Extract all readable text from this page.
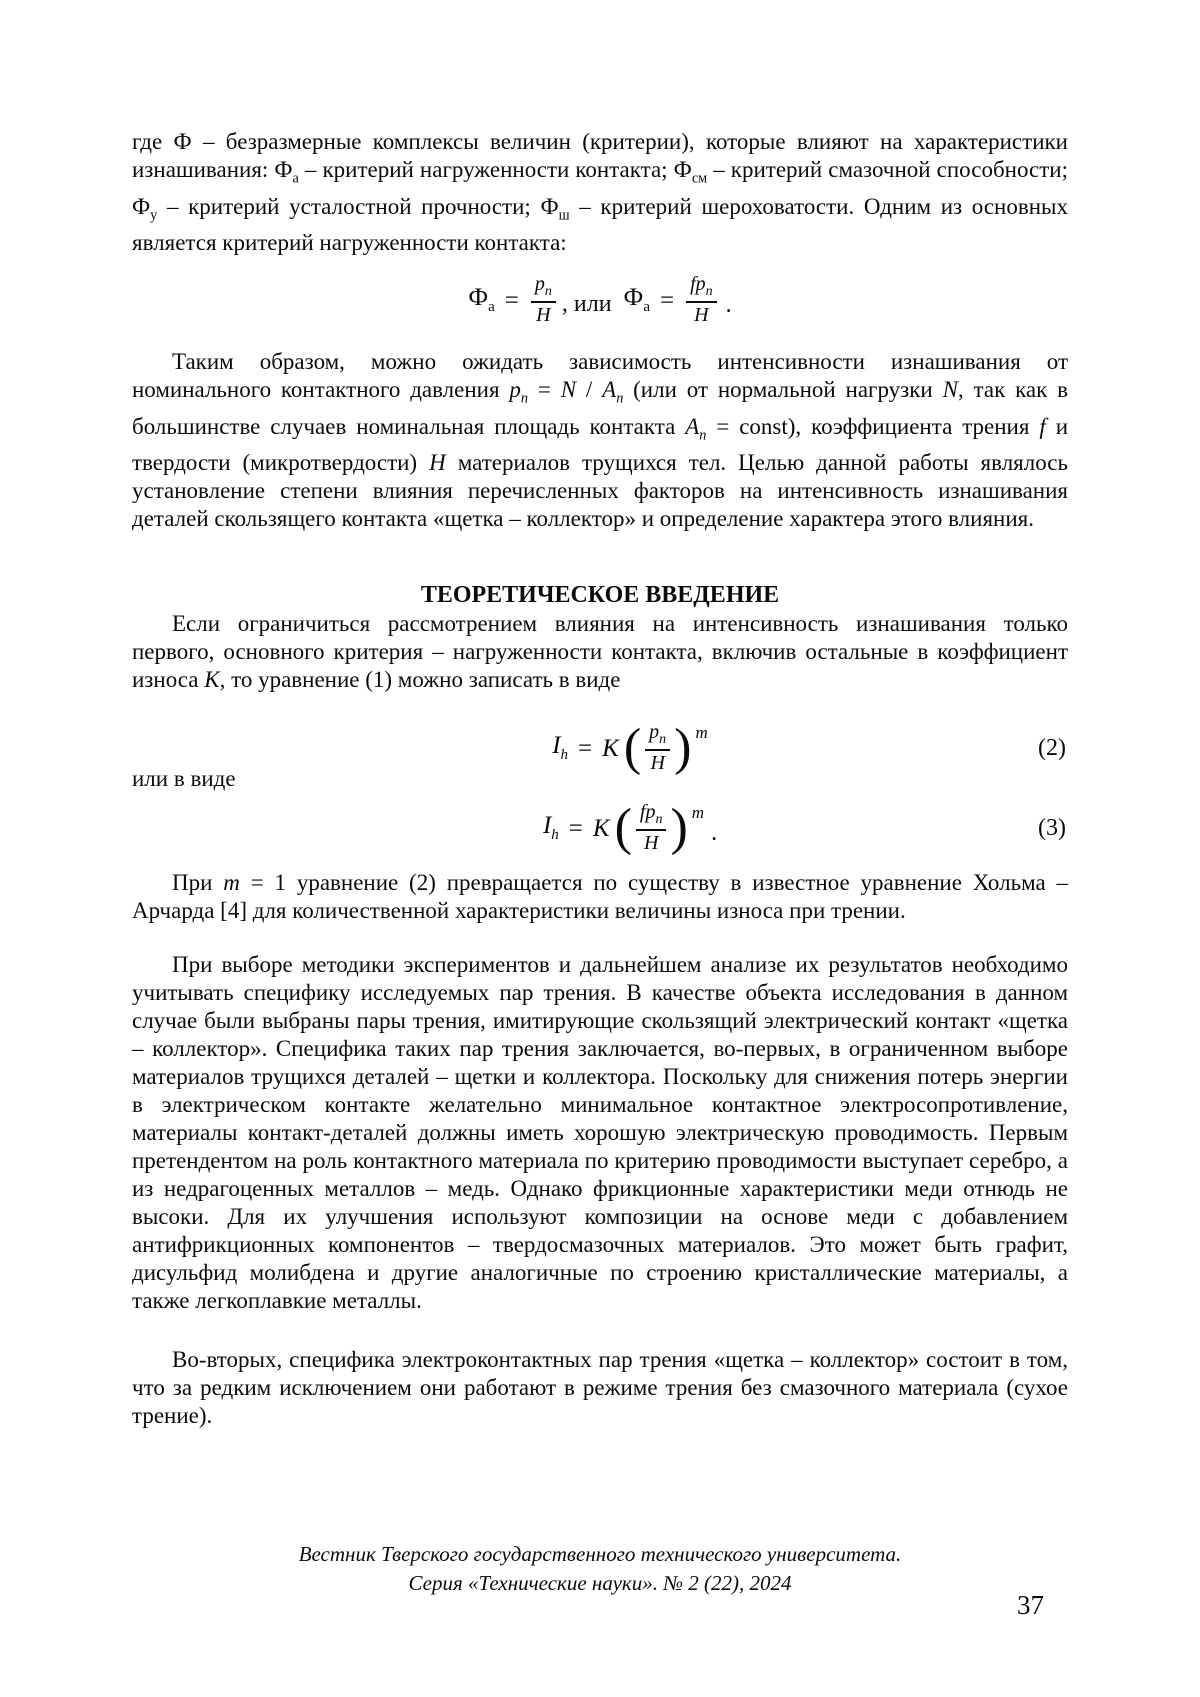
где Ф – безразмерные комплексы величин (критерии), которые влияют на характеристики изнашивания: $Ф_а$ – критерий нагруженности контакта; $Ф_{см}$ – критерий смазочной способности; $Ф_у$ – критерий усталостной прочности; $Ф_ш$ – критерий шероховатости. Одним из основных является критерий нагруженности контакта:

$Ф_а = \frac{p_n}{H}$ , или $Ф_а = \frac{fp_n}{H}$ .

Таким образом, можно ожидать зависимость интенсивности изнашивания от номинального контактного давления $p_n = N / A_n$ (или от нормальной нагрузки N, так как в большинстве случаев номинальная площадь контакта $A_n$ = const), коэффициента трения f и твердости (микротвердости) H материалов трущихся тел. Целью данной работы являлось установление степени влияния перечисленных факторов на интенсивность изнашивания деталей скользящего контакта «щетка – коллектор» и определение характера этого влияния.

ТЕОРЕТИЧЕСКОЕ ВВЕДЕНИЕ

Если ограничиться рассмотрением влияния на интенсивность изнашивания только первого, основного критерия – нагруженности контакта, включив остальные в коэффициент износа K, то уравнение (1) можно записать в виде

$I_h = K$ ( $\frac{p_n}{H}$ ) m
(2)

или в виде

$I_h = K$ ( $\frac{fp_n}{H}$ ) m
.	(3)

При m = 1 уравнение (2) превращается по существу в известное уравнение Хольма – Арчарда [4] для количественной характеристики величины износа при трении.

При выборе методики экспериментов и дальнейшем анализе их результатов необходимо учитывать специфику исследуемых пар трения. В качестве объекта исследования в данном случае были выбраны пары трения, имитирующие скользящий электрический контакт «щетка – коллектор». Специфика таких пар трения заключается, во-первых, в ограниченном выборе материалов трущихся деталей – щетки и коллектора. Поскольку для снижения потерь энергии в электрическом контакте желательно минимальное контактное электросопротивление, материалы контакт-деталей должны иметь хорошую электрическую проводимость. Первым претендентом на роль контактного материала по критерию проводимости выступает серебро, а из недрагоценных металлов – медь. Однако фрикционные характеристики меди отнюдь не высоки. Для их улучшения используют композиции на основе меди с добавлением антифрикционных компонентов – твердосмазочных материалов. Это может быть графит, дисульфид молибдена и другие аналогичные по строению кристаллические материалы, а также легкоплавкие металлы.

Во-вторых, специфика электроконтактных пар трения «щетка – коллектор» состоит в том, что за редким исключением они работают в режиме трения без смазочного материала (сухое трение).

Вестник Тверского государственного технического университета.

Серия «Технические науки». № 2 (22), 2024

37
